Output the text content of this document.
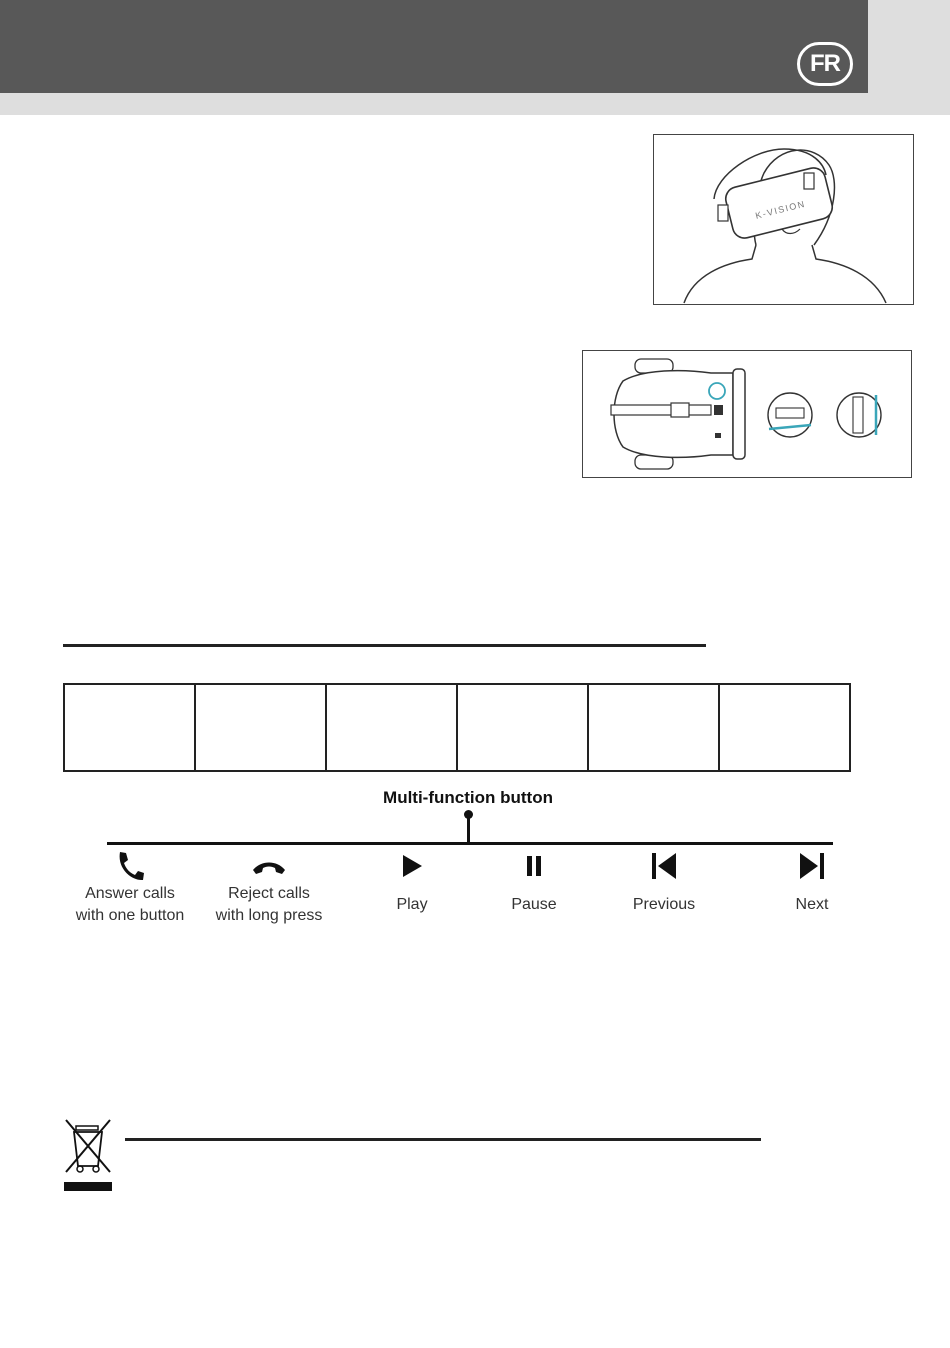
FR
K-VISION
Multi-function button
Answer calls
with one button
Reject calls
with long press
Play	Pause	Previous	Next
